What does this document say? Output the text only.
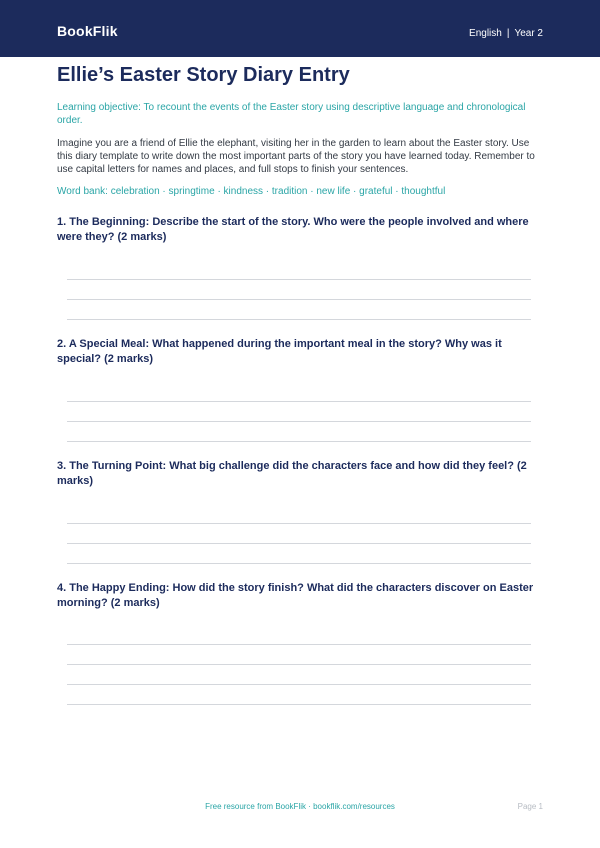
BookFlik	English | Year 2
Ellie’s Easter Story Diary Entry

Learning objective: To recount the events of the Easter story using descriptive language and chronological order.

Imagine you are a friend of Ellie the elephant, visiting her in the garden to learn about the Easter story. Use this diary template to write down the most important parts of the story you have learned today. Remember to use capital letters for names and places, and full stops to finish your sentences.

Word bank: celebration · springtime · kindness · tradition · new life · grateful · thoughtful

1. The Beginning: Describe the start of the story. Who were the people involved and where were they? (2 marks)

2. A Special Meal: What happened during the important meal in the story? Why was it special? (2 marks)

3. The Turning Point: What big challenge did the characters face and how did they feel? (2 marks)

4. The Happy Ending: How did the story finish? What did the characters discover on Easter morning? (2 marks)

Free resource from BookFlik · bookflik.com/resources	Page 1
